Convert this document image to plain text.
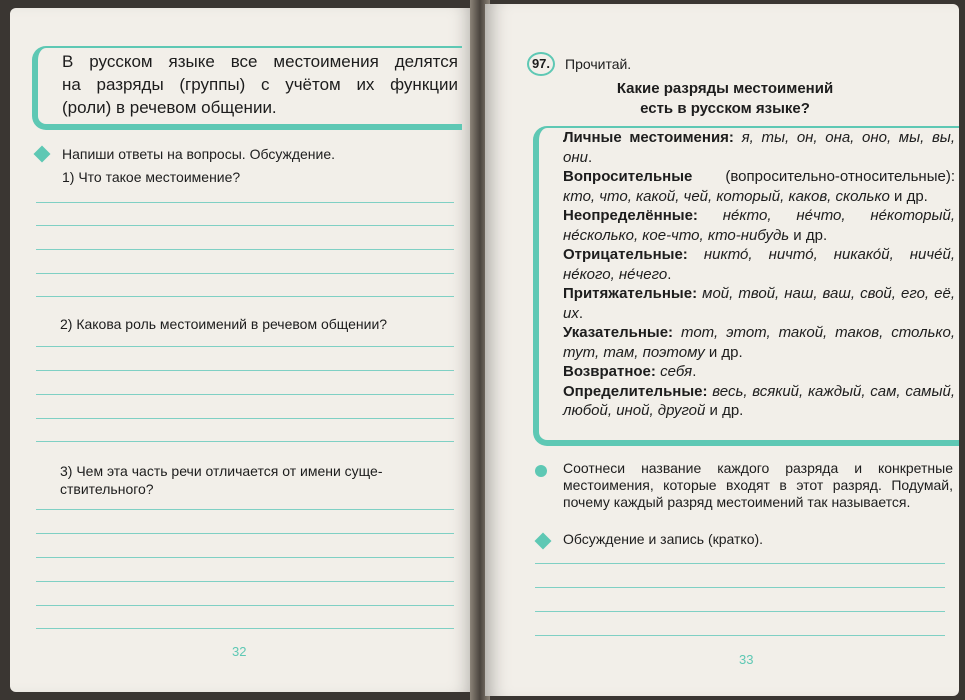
В русском языке все местоимения делятся
на разряды (группы) с учётом их функции
(роли) в речевом общении.
Напиши ответы на вопросы. Обсуждение.
1) Что такое местоимение?
2) Какова роль местоимений в речевом общении?
3) Чем эта часть речи отличается от имени суще-
ствительного?
32
97.	Прочитай.
Какие разряды местоимений
есть в русском языке?

Личные местоимения: я, ты, он, она, оно, мы, вы, они.

Вопросительные (вопросительно-относительные): кто, что, какой, чей, который, каков, сколько и др.

Неопределённые: не́кто, не́что, не́который, не́сколько, кое-что, кто-нибудь и др.

Отрицательные: никто́, ничто́, никако́й, ниче́й, не́кого, не́чего.

Притяжательные: мой, твой, наш, ваш, свой, его, её, их.

Указательные: тот, этот, такой, таков, столько, тут, там, поэтому и др.

Возвратное: себя.

Определительные: весь, всякий, каждый, сам, самый, любой, иной, другой и др.

Соотнеси название каждого разряда и конкретные местоимения, которые входят в этот разряд. Подумай, почему каждый разряд местоимений так называется.
Обсуждение и запись (кратко).
33
